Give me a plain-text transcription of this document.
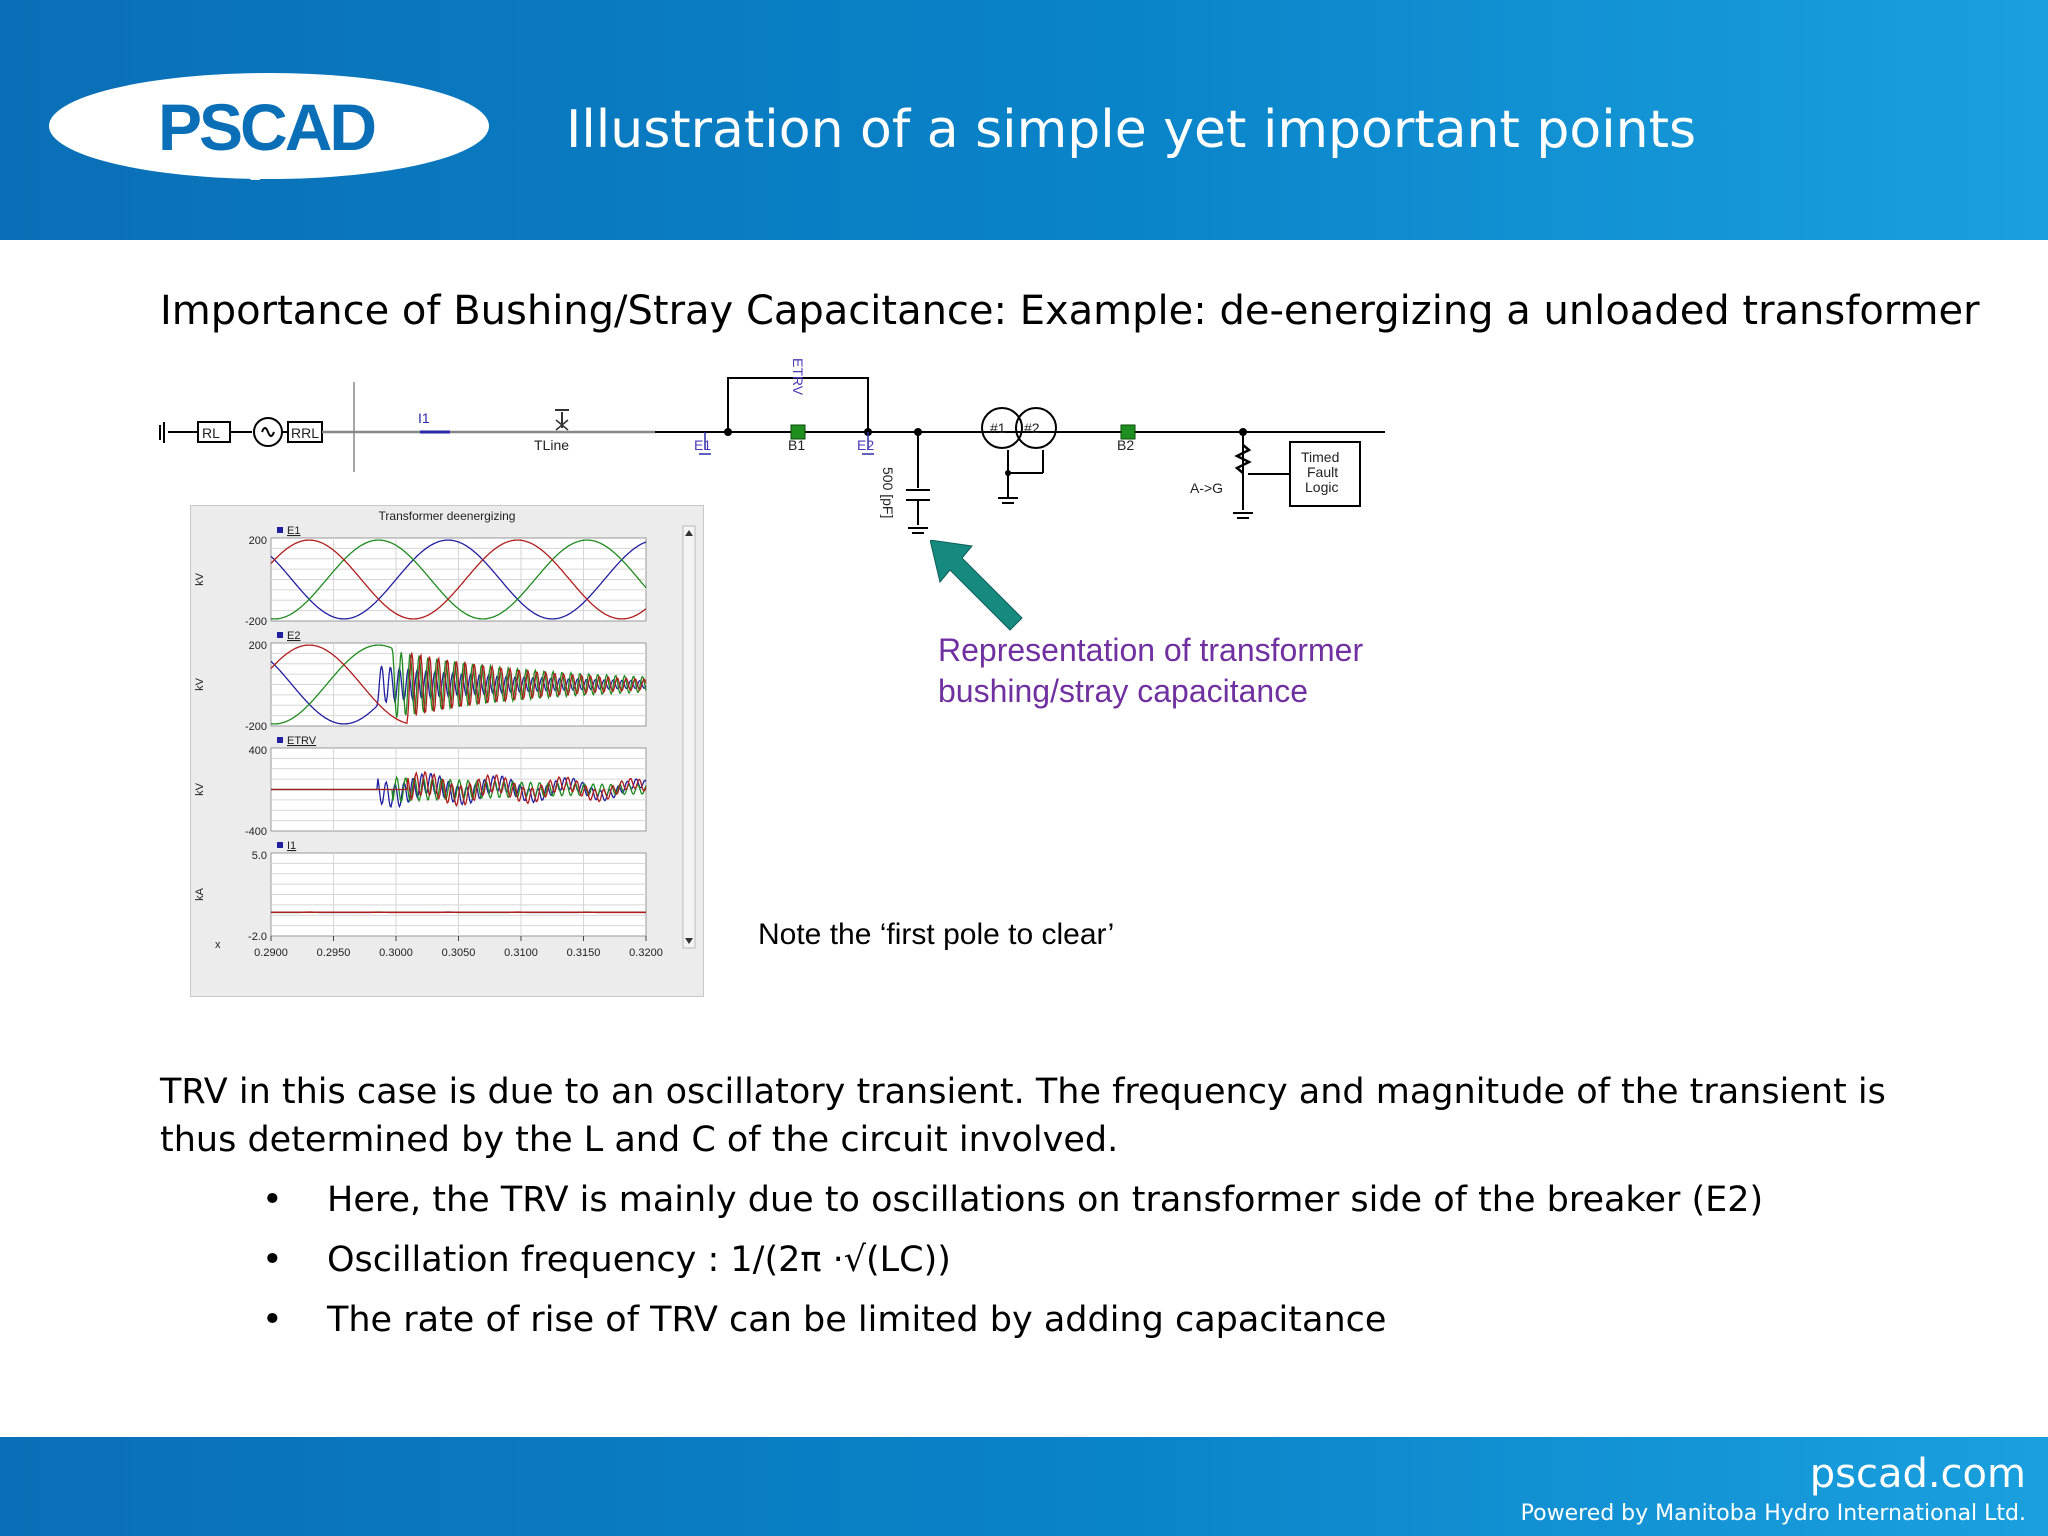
PSCAD	Illustration of a simple yet important points
Importance of Bushing/Stray Capacitance: Example: de-energizing a unloaded transformer
RL	RRL
I1
TLine	E1	B1	E2
ETRV
500 [pF]
#1 #2
B2
A->G
Timed
Fault
Logic
Transformer deenergizing
200
-200
kV
E1
200
-200
kV
E2
400
-400
kV
ETRV
5.0
-2.0
kA
I1
0.2900	0.2950	0.3000	0.3050	0.3100	0.3150	0.3200
x
Representation of transformer
bushing/stray capacitance
Note the ‘first pole to clear’
TRV in this case is due to an oscillatory transient. The frequency and magnitude of the transient is thus determined by the L and C of the circuit involved.
• Here, the TRV is mainly due to oscillations on transformer side of the breaker (E2)
• Oscillation frequency : 1/(2π ·√(LC))
• The rate of rise of TRV can be limited by adding capacitance
pscad.com
Powered by Manitoba Hydro International Ltd.
